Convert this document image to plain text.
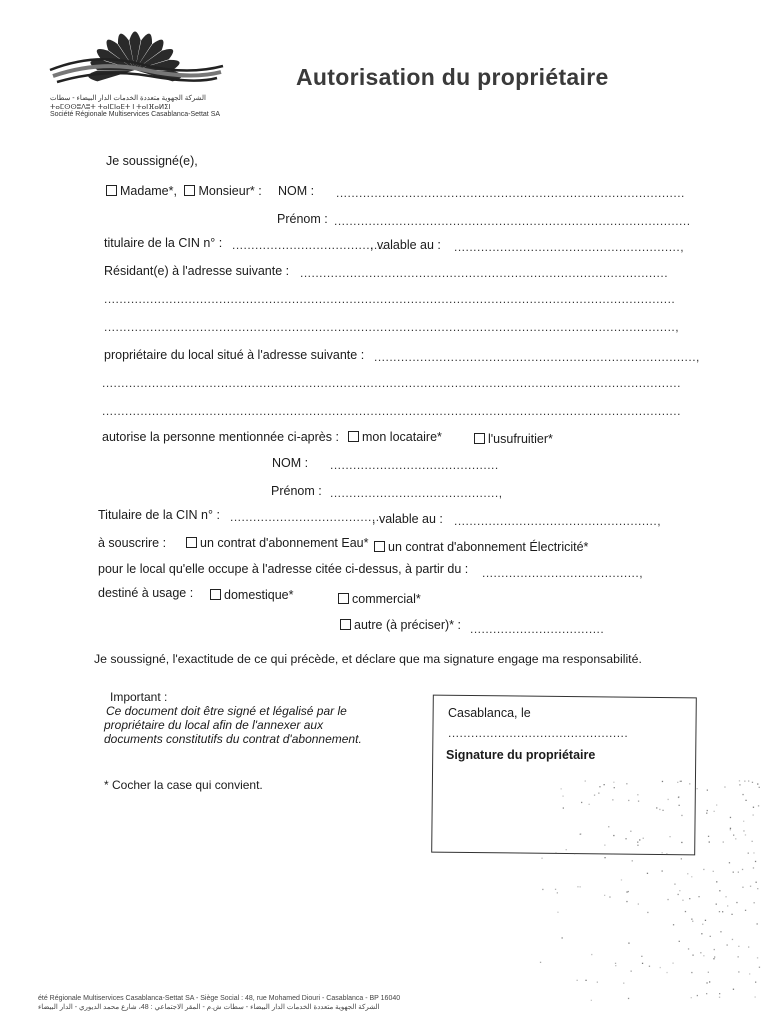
الشركة الجهوية متعددة الخدمات الدار البيضاء - سطات
ⵜⴰⵎⵙⵙⵓⴷⵓⵜ ⵜⴰⵏⵎⵏⴰⴹⵜ ⵏ ⵜⴰⵏⴼⴰⵍⵉⵏ
Société Régionale Multiservices Casablanca-Settat SA
Autorisation du propriétaire
Je soussigné(e),
Madame*, Monsieur* : NOM : ...........................................................................................
Prénom : .............................................................................................
titulaire de la CIN n° : ........................................
, valable au : ...........................................................,
Résidant(e) à l'adresse suivante : ................................................................................................
.....................................................................................................................................................
.....................................................................................................................................................,
propriétaire du local situé à l'adresse suivante : ....................................................................................,
.......................................................................................................................................................
.......................................................................................................................................................
autorise la personne mentionnée ci-après :	mon locataire*	l'usufruitier*
NOM : ............................................
Prénom : ............................................,
Titulaire de la CIN n° : ........................................
, valable au : .....................................................,
à souscrire :	un contrat d'abonnement Eau*	un contrat d'abonnement Électricité*
pour le local qu'elle occupe à l'adresse citée ci-dessus, à partir du : .........................................,
destiné à usage :	domestique*	commercial*
autre (à préciser)* : ...................................
Je soussigné, l'exactitude de ce qui précède, et déclare que ma signature engage ma responsabilité.
Important :
Ce document doit être signé et légalisé par le
propriétaire du local afin de l'annexer aux
documents constitutifs du contrat d'abonnement.
* Cocher la case qui convient.
Casablanca, le
...............................................
Signature du propriétaire
été Régionale Multiservices Casablanca-Settat SA - Siège Social : 48, rue Mohamed Diouri - Casablanca - BP 16040
الشركة الجهوية متعددة الخدمات الدار البيضاء - سطات ش.م - المقر الاجتماعي : 48، شارع محمد الديوري - الدار البيضاء
